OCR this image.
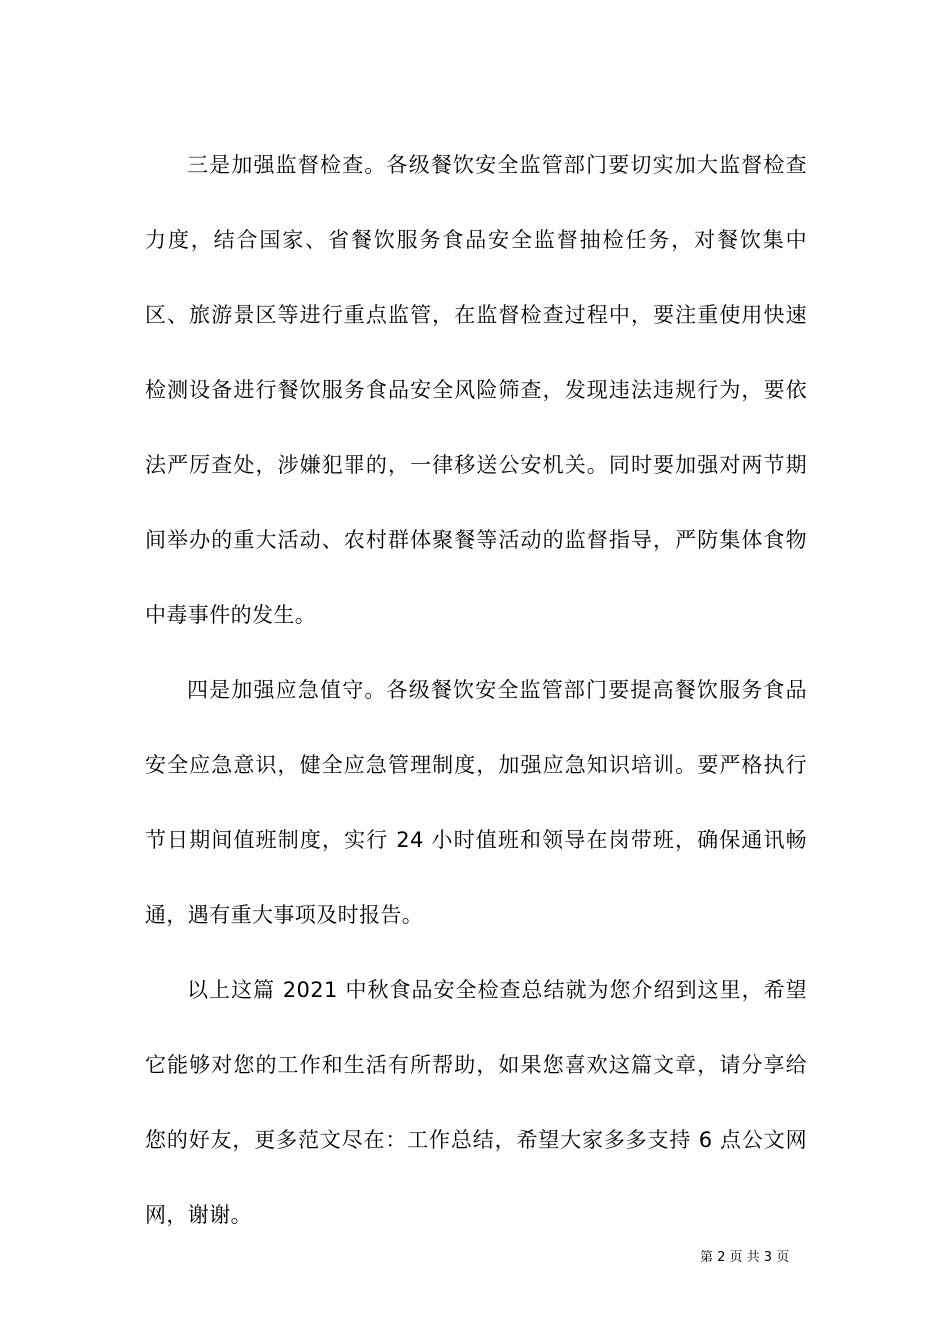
三是加强监督检查。各级餐饮安全监管部门要切实加大监督检查力度，结合国家、省餐饮服务食品安全监督抽检任务，对餐饮集中区、旅游景区等进行重点监管，在监督检查过程中，要注重使用快速检测设备进行餐饮服务食品安全风险筛查，发现违法违规行为，要依法严厉查处，涉嫌犯罪的，一律移送公安机关。同时要加强对两节期间举办的重大活动、农村群体聚餐等活动的监督指导，严防集体食物中毒事件的发生。

四是加强应急值守。各级餐饮安全监管部门要提高餐饮服务食品安全应急意识，健全应急管理制度，加强应急知识培训。要严格执行节日期间值班制度，实行 24 小时值班和领导在岗带班，确保通讯畅通，遇有重大事项及时报告。

以上这篇 2021 中秋食品安全检查总结就为您介绍到这里，希望它能够对您的工作和生活有所帮助，如果您喜欢这篇文章，请分享给您的好友，更多范文尽在：工作总结，希望大家多多支持 6 点公文网网，谢谢。

第 2 页 共 3 页
